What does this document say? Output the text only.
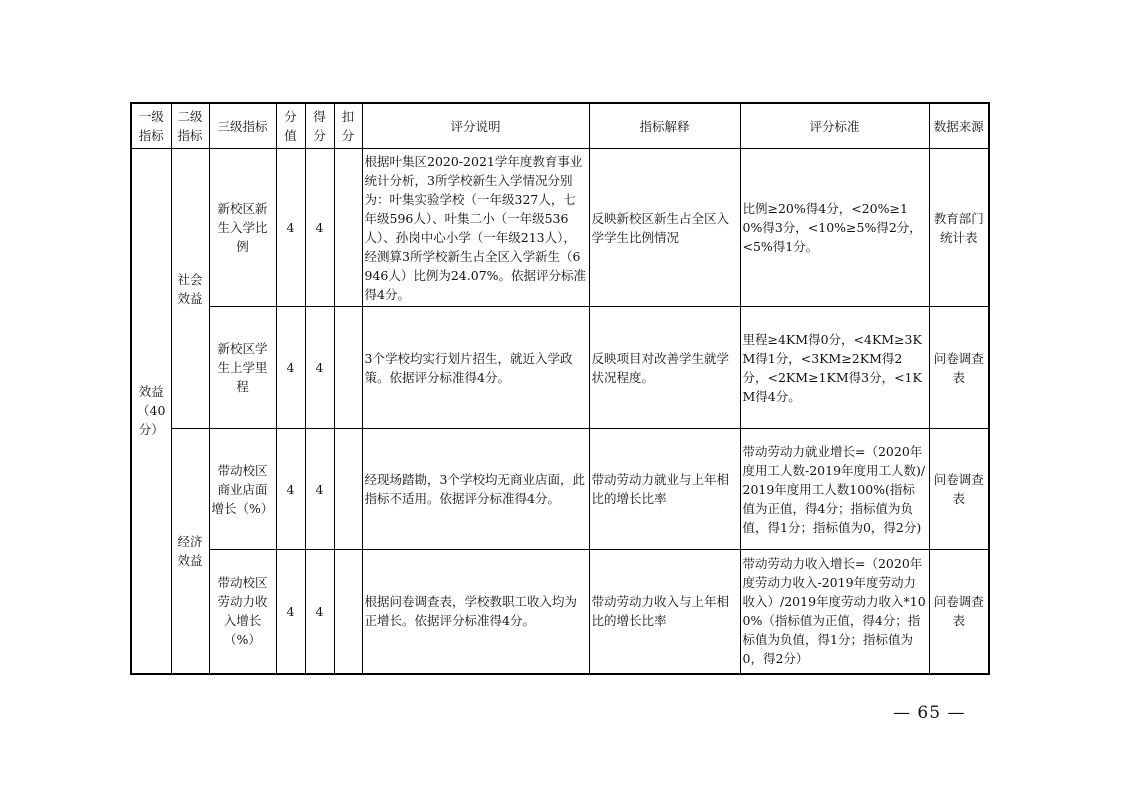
一级指标	二级指标	三级指标	分值	得分	扣分	评分说明	指标解释	评分标准	数据来源
效益（40分）	社会效益	新校区新生入学比例	4	4		根据叶集区2020-2021学年度教育事业统计分析，3所学校新生入学情况分别为：叶集实验学校（一年级327人，七年级596人）、叶集二小（一年级536人）、孙岗中心小学（一年级213人），经测算3所学校新生占全区入学新生（6946人）比例为24.07%。依据评分标准得4分。	反映新校区新生占全区入学学生比例情况	比例≥20%得4分，<20%≥10%得3分，<10%≥5%得2分，<5%得1分。	教育部门统计表
		新校区学生上学里程	4	4		3个学校均实行划片招生，就近入学政策。依据评分标准得4分。	反映项目对改善学生就学状况程度。	里程≥4KM得0分，<4KM≥3KM得1分，<3KM≥2KM得2分，<2KM≥1KM得3分，<1KM得4分。	问卷调查表
	经济效益	带动校区商业店面增长（%）	4	4		经现场踏勘，3个学校均无商业店面，此指标不适用。依据评分标准得4分。	带动劳动力就业与上年相比的增长比率	带动劳动力就业增长=（2020年度用工人数-2019年度用工人数)/2019年度用工人数100%(指标值为正值，得4分；指标值为负值，得1分；指标值为0，得2分)	问卷调查表
		带动校区劳动力收入增长（%）	4	4		根据问卷调查表，学校教职工收入均为正增长。依据评分标准得4分。	带动劳动力收入与上年相比的增长比率	带动劳动力收入增长=（2020年度劳动力收入-2019年度劳动力收入）/2019年度劳动力收入*100%（指标值为正值，得4分；指标值为负值，得1分；指标值为0，得2分）	问卷调查表
— 65 —
